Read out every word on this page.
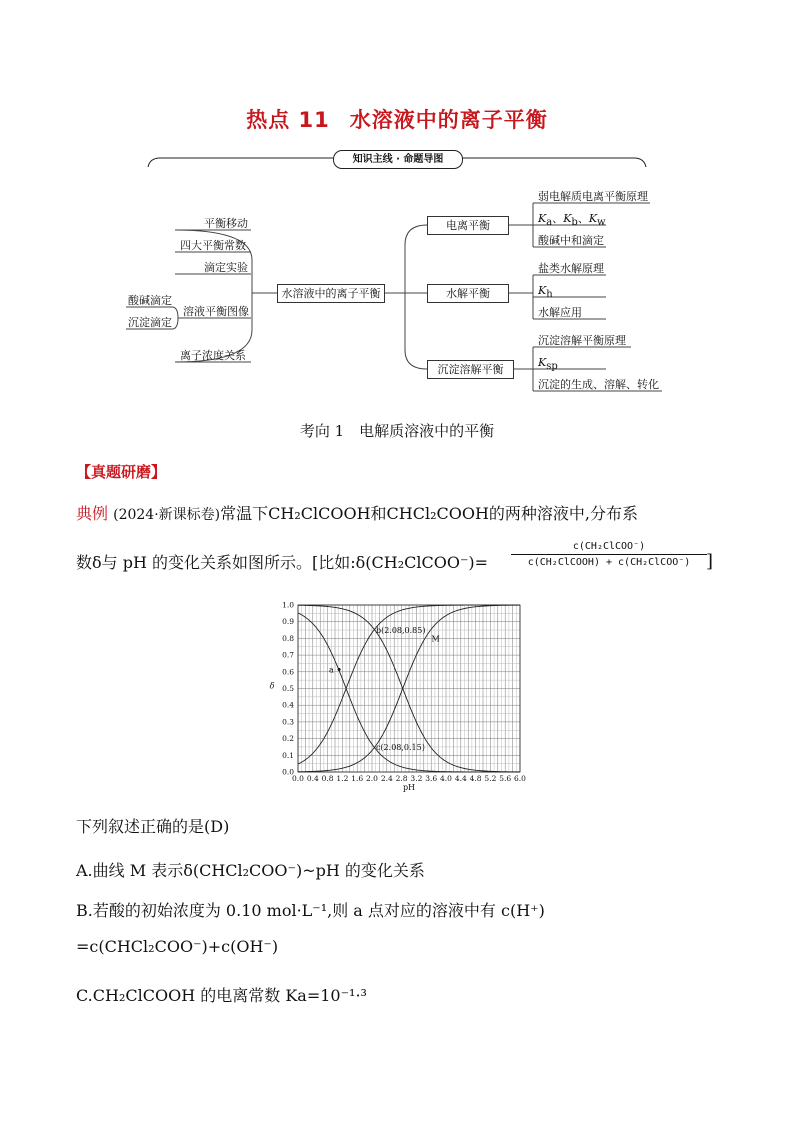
热点 11 水溶液中的离子平衡
知识主线 · 命题导图
平衡移动
四大平衡常数
滴定实验
溶液平衡图像
离子浓度关系
酸碱滴定
沉淀滴定
水溶液中的离子平衡
电离平衡
水解平衡
沉淀溶解平衡
弱电解质电离平衡原理
$K_a$、$K_b$、$K_w$
酸碱中和滴定
盐类水解原理
$K_h$
水解应用
沉淀溶解平衡原理
$K_{sp}$
沉淀的生成、溶解、转化
考向 1　电解质溶液中的平衡
【真题研磨】
典例 (2024·新课标卷)常温下CH₂ClCOOH和CHCl₂COOH的两种溶液中,分布系
数δ与 pH 的变化关系如图所示。[比如:δ(CH₂ClCOO⁻)=
c(CH₂ClCOO⁻)
c(CH₂ClCOOH) + c(CH₂ClCOO⁻) ]
0.0 0.4 0.8 1.2 1.6 2.0 2.4 2.8 3.2 3.6 4.0 4.4 4.8 5.2 5.6 6.0
0.0
0.1
0.2
0.3
0.4
0.5
0.6
0.7
0.8
0.9
1.0
pH
δ
a
b(2.08,0.85)
M
c(2.08,0.15)
下列叙述正确的是(D)
A.曲线 M 表示δ(CHCl₂COO⁻)~pH 的变化关系
B.若酸的初始浓度为 0.10 mol·L⁻¹,则 a 点对应的溶液中有 c(H⁺)
=c(CHCl₂COO⁻)+c(OH⁻)
C.CH₂ClCOOH 的电离常数 Ka=10⁻¹·³
